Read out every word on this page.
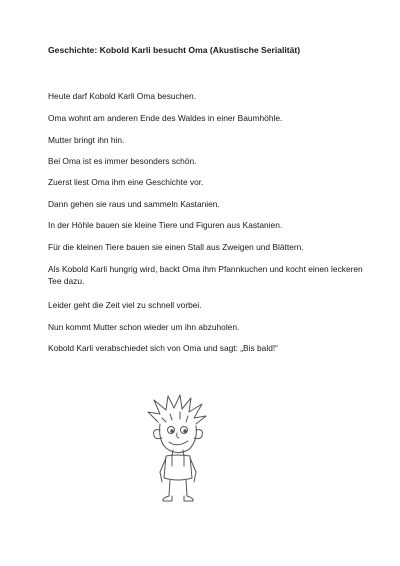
Geschichte: Kobold Karli besucht Oma (Akustische Serialität)
Heute darf Kobold Karli Oma besuchen.
Oma wohnt am anderen Ende des Waldes in einer Baumhöhle.
Mutter bringt ihn hin.
Bei Oma ist es immer besonders schön.
Zuerst liest Oma ihm eine Geschichte vor.
Dann gehen sie raus und sammeln Kastanien.
In der Höhle bauen sie kleine Tiere und Figuren aus Kastanien.
Für die kleinen Tiere bauen sie einen Stall aus Zweigen und Blättern.
Als Kobold Karli hungrig wird, backt Oma ihm Pfannkuchen und kocht einen leckeren Tee dazu.
Leider geht die Zeit viel zu schnell vorbei.
Nun kommt Mutter schon wieder um ihn abzuholen.
Kobold Karli verabschiedet sich von Oma und sagt: „Bis bald!“
